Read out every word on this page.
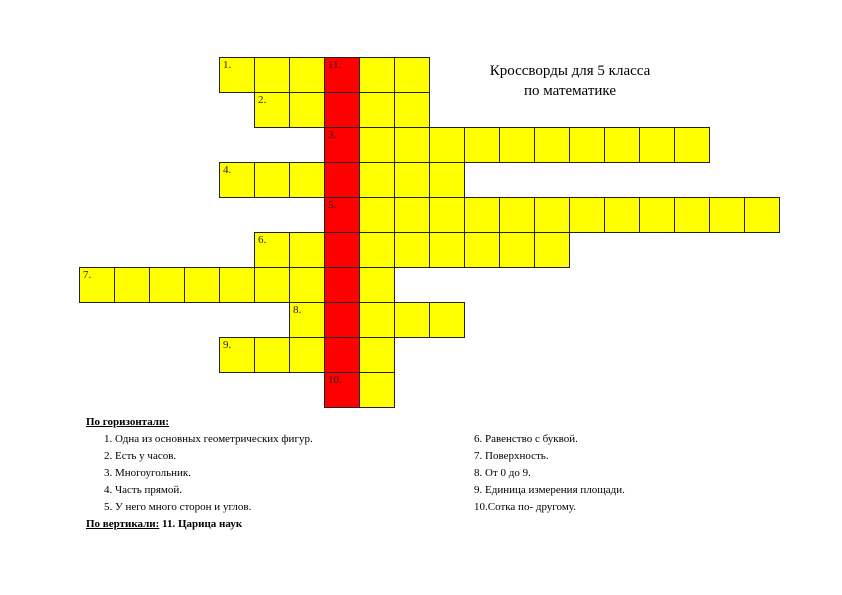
1.	11.
2.
3.
4.
5.
6.
7.
8.
9.
10.
Кроссворды для 5 класса
по математике
По горизонтали:
1. Одна из основных геометрических фигур.
2. Есть у часов.
3. Многоугольник.
4. Часть прямой.
5. У него много сторон и углов.
По вертикали: 11. Царица наук
6. Равенство с буквой.
7. Поверхность.
8. От 0 до 9.
9. Единица измерения площади.
10.Сотка по- другому.
